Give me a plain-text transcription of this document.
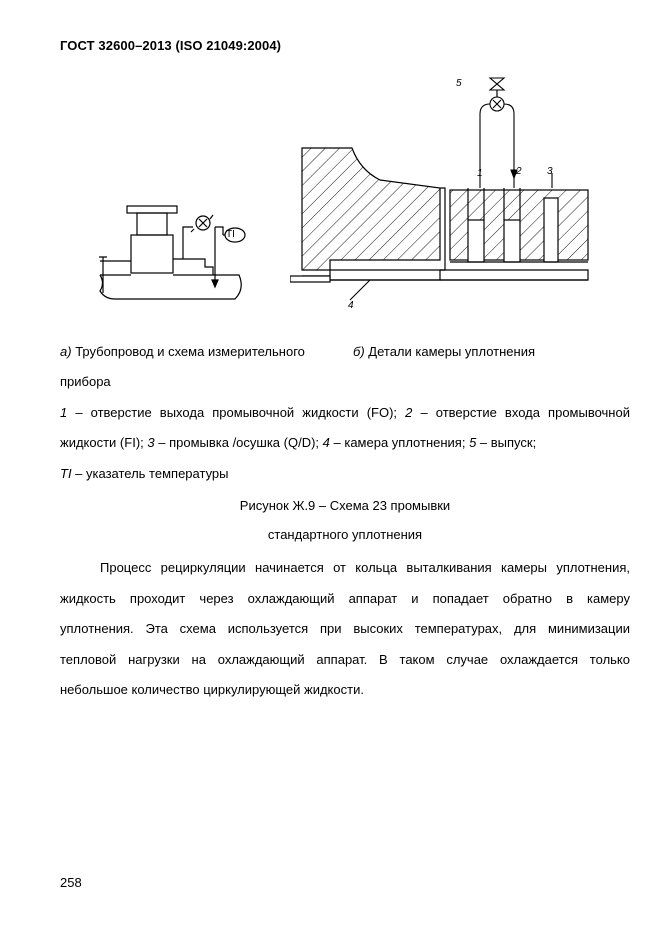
ГОСТ 32600–2013 (ISO 21049:2004)
TI
5
1	2	3
4
а) Трубопровод и схема измерительного	б) Детали камеры уплотнения
прибора
1 – отверстие выхода промывочной жидкости (FO); 2 – отверстие входа промывочной
жидкости (FI); 3 – промывка /осушка (Q/D); 4 – камера уплотнения; 5 – выпуск;
TI – указатель температуры
Рисунок Ж.9 – Схема 23 промывки
стандартного уплотнения
Процесс рециркуляции начинается от кольца выталкивания камеры уплотнения,
жидкость проходит через охлаждающий аппарат и попадает обратно в камеру
уплотнения. Эта схема используется при высоких температурах, для минимизации
тепловой нагрузки на охлаждающий аппарат. В таком случае охлаждается только
небольшое количество циркулирующей жидкости.
258
